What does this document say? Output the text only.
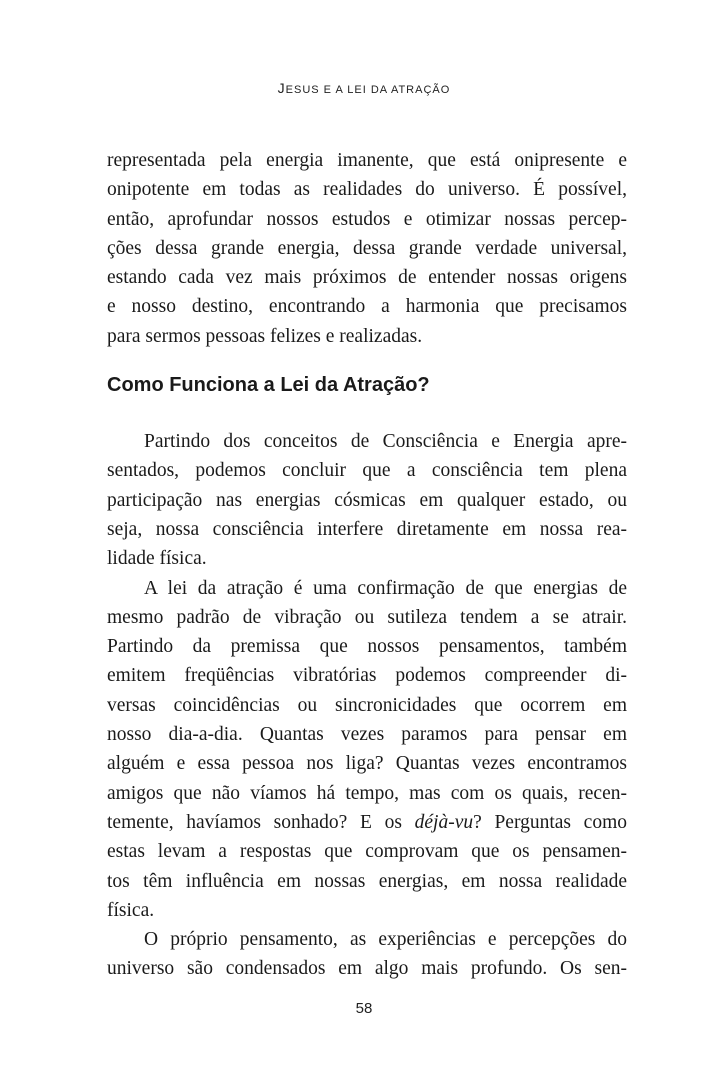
JESUS E A LEI DA ATRAÇÃO
representada pela energia imanente, que está onipresente e
onipotente em todas as realidades do universo. É possível,
então, aprofundar nossos estudos e otimizar nossas percep-
ções dessa grande energia, dessa grande verdade universal,
estando cada vez mais próximos de entender nossas origens
e nosso destino, encontrando a harmonia que precisamos
para sermos pessoas felizes e realizadas.
Como Funciona a Lei da Atração?
Partindo dos conceitos de Consciência e Energia apre-
sentados, podemos concluir que a consciência tem plena
participação nas energias cósmicas em qualquer estado, ou
seja, nossa consciência interfere diretamente em nossa rea-
lidade física.
A lei da atração é uma confirmação de que energias de
mesmo padrão de vibração ou sutileza tendem a se atrair.
Partindo da premissa que nossos pensamentos, também
emitem freqüências vibratórias podemos compreender di-
versas coincidências ou sincronicidades que ocorrem em
nosso dia-a-dia. Quantas vezes paramos para pensar em
alguém e essa pessoa nos liga? Quantas vezes encontramos
amigos que não víamos há tempo, mas com os quais, recen-
temente, havíamos sonhado? E os déjà-vu? Perguntas como
estas levam a respostas que comprovam que os pensamen-
tos têm influência em nossas energias, em nossa realidade
física.
O próprio pensamento, as experiências e percepções do
universo são condensados em algo mais profundo. Os sen-
58
